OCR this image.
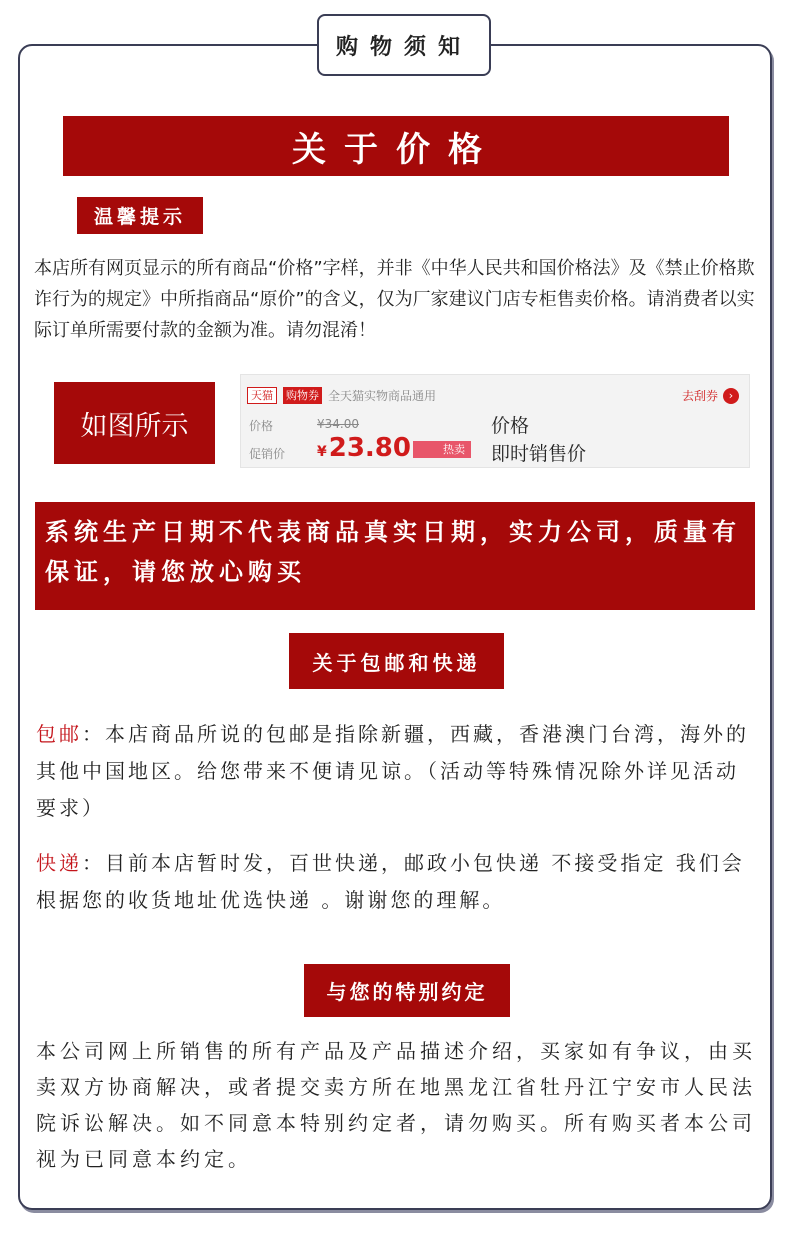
购物须知
关于价格
温馨提示

本店所有网页显示的所有商品“价格”字样，并非《中华人民共和国价格法》及《禁止价格欺诈行为的规定》中所指商品“原价”的含义，仅为厂家建议门店专柜售卖价格。请消费者以实际订单所需要付款的金额为准。请勿混淆！

如图所示
天猫	购物券 全天猫实物商品通用	去刮券 ›
价格	¥34.00
促销价 ¥23.80	热卖
价格
即时销售价
系统生产日期不代表商品真实日期，实力公司，质量有保证，请您放心购买
关于包邮和快递

包邮：本店商品所说的包邮是指除新疆，西藏，香港澳门台湾，海外的其他中国地区。给您带来不便请见谅。（活动等特殊情况除外详见活动要求）

快递：目前本店暂时发，百世快递，邮政小包快递 不接受指定 我们会根据您的收货地址优选快递 。谢谢您的理解。

与您的特别约定

本公司网上所销售的所有产品及产品描述介绍，买家如有争议，由买卖双方协商解决，或者提交卖方所在地黑龙江省牡丹江宁安市人民法院诉讼解决。如不同意本特别约定者，请勿购买。所有购买者本公司视为已同意本约定。
